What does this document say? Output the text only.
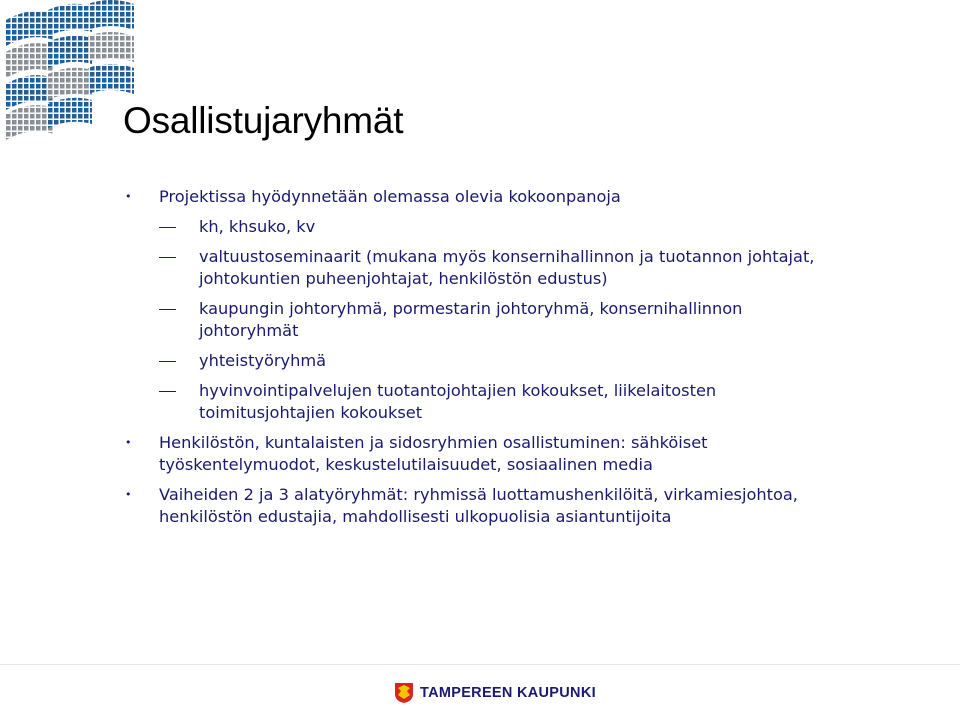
Osallistujaryhmät
• Projektissa hyödynnetään olemassa olevia kokoonpanoja
kh, khsuko, kv
valtuustoseminaarit (mukana myös konsernihallinnon ja tuotannon johtajat,
johtokuntien puheenjohtajat, henkilöstön edustus)
kaupungin johtoryhmä, pormestarin johtoryhmä, konsernihallinnon
johtoryhmät
yhteistyöryhmä
hyvinvointipalvelujen tuotantojohtajien kokoukset, liikelaitosten
toimitusjohtajien kokoukset
• Henkilöstön, kuntalaisten ja sidosryhmien osallistuminen: sähköiset
työskentelymuodot, keskustelutilaisuudet, sosiaalinen media
• Vaiheiden 2 ja 3 alatyöryhmät: ryhmissä luottamushenkilöitä, virkamiesjohtoa,
henkilöstön edustajia, mahdollisesti ulkopuolisia asiantuntijoita
TAMPEREEN KAUPUNKI
